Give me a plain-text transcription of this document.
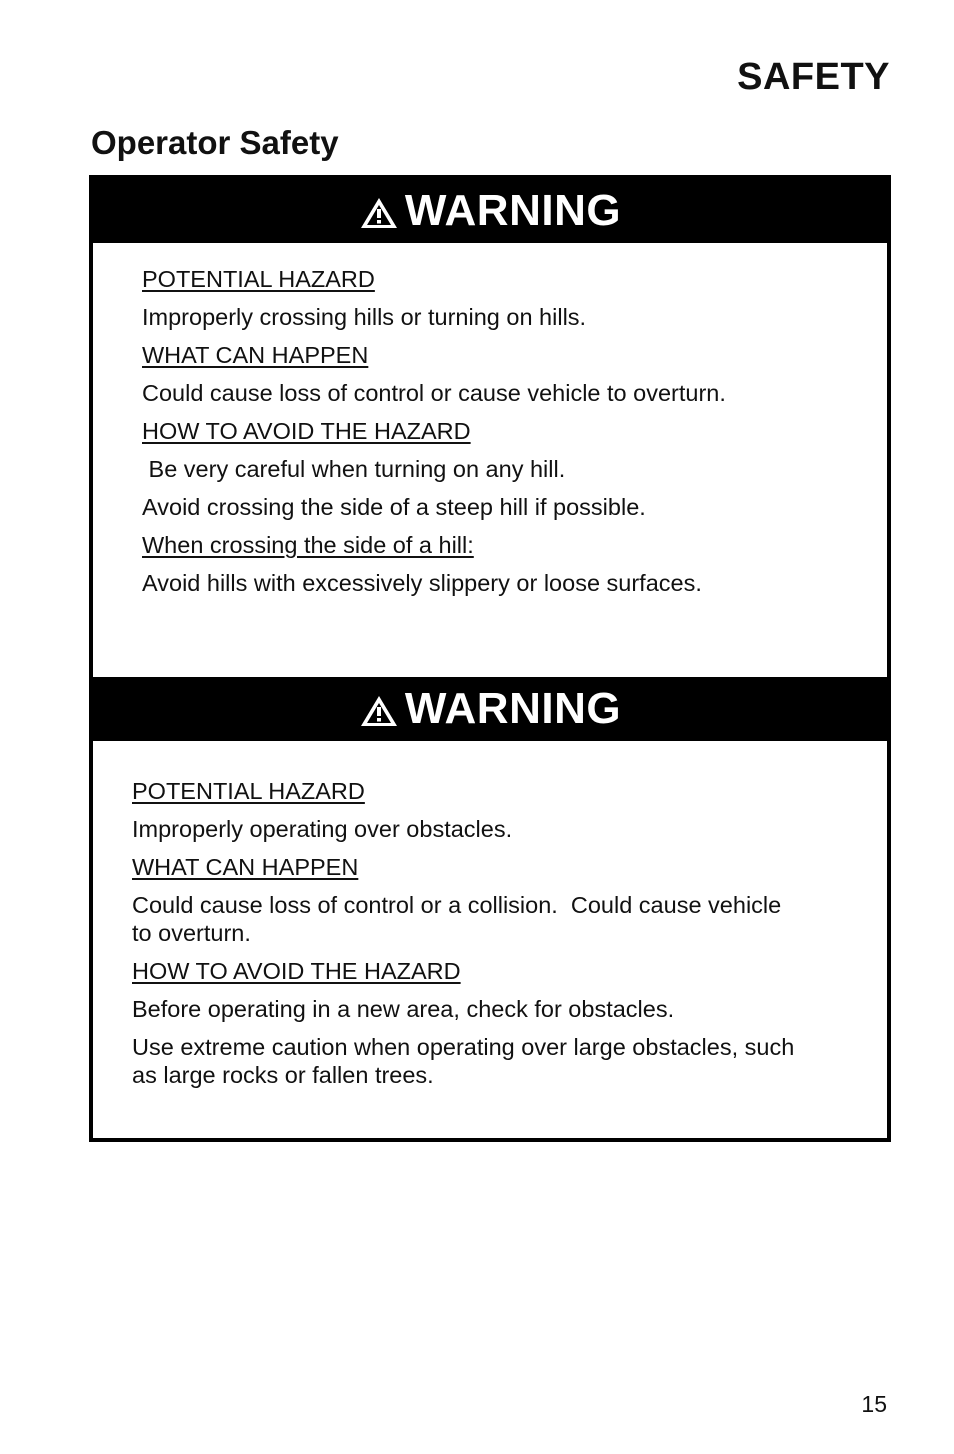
SAFETY
Operator Safety
WARNING
POTENTIAL HAZARD
Improperly crossing hills or turning on hills.
WHAT CAN HAPPEN
Could cause loss of control or cause vehicle to overturn.
HOW TO AVOID THE HAZARD
Be very careful when turning on any hill.
Avoid crossing the side of a steep hill if possible.
When crossing the side of a hill:
Avoid hills with excessively slippery or loose surfaces.
WARNING
POTENTIAL HAZARD
Improperly operating over obstacles.
WHAT CAN HAPPEN
Could cause loss of control or a collision.  Could cause vehicle
to overturn.
HOW TO AVOID THE HAZARD
Before operating in a new area, check for obstacles.
Use extreme caution when operating over large obstacles, such
as large rocks or fallen trees.
15
